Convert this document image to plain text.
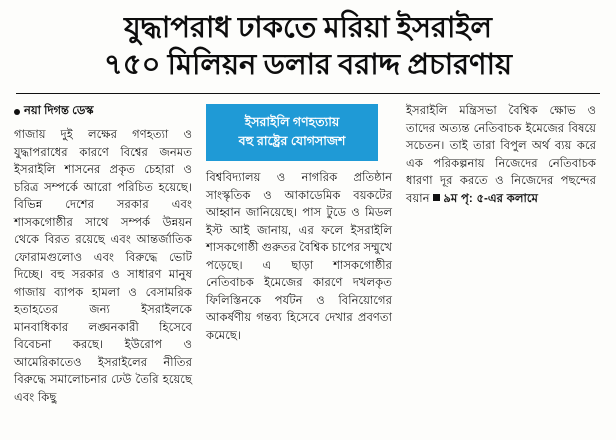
যুদ্ধাপরাধ ঢাকতে মরিয়া ইসরাইল
৭৫০ মিলিয়ন ডলার বরাদ্দ প্রচারণায়
নয়া দিগন্ত ডেস্ক
গাজায় দুই লক্ষের গণহত্যা ও যুদ্ধাপরাধের কারণে বিশ্বের জনমত ইসরাইলি শাসনের প্রকৃত চেহারা ও চরিত্র সম্পর্কে আরো পরিচিত হয়েছে। বিভিন্ন দেশের সরকার এবং শাসকগোষ্ঠীর সাথে সম্পর্ক উন্নয়ন থেকে বিরত রয়েছে এবং আন্তর্জাতিক ফোরামগুলোও এবং বিরুদ্ধে ভোট দিচ্ছে। বহু সরকার ও সাধারণ মানুষ গাজায় ব্যাপক হামলা ও বেসামরিক হতাহতের জন্য ইসরাইলকে মানবাধিকার লঙ্ঘনকারী হিসেবে বিবেচনা করছে। ইউরোপ ও আমেরিকাতেও ইসরাইলের নীতির বিরুদ্ধে সমালোচনার ঢেউ তৈরি হয়েছে এবং কিছু
ইসরাইলি গণহত্যায়
বহু রাষ্ট্রের যোগসাজশ
বিশ্ববিদ্যালয় ও নাগরিক প্রতিষ্ঠান সাংস্কৃতিক ও আকাডেমিক বয়কটের আহ্বান জানিয়েছে। পাস টুডে ও মিডল ইস্ট আই জানায়, এর ফলে ইসরাইলি শাসকগোষ্ঠী গুরুতর বৈশ্বিক চাপের সম্মুখে পড়েছে। এ ছাড়া শাসকগোষ্ঠীর নেতিবাচক ইমেজের কারণে দখলকৃত ফিলিস্তিনকে পর্যটন ও বিনিয়োগের আকর্ষণীয় গন্তব্য হিসেবে দেখার প্রবণতা কমেছে।
ইসরাইলি মন্ত্রিসভা বৈশ্বিক ক্ষোভ ও তাদের অত্যন্ত নেতিবাচক ইমেজের বিষয়ে সচেতন। তাই তারা বিপুল অর্থ ব্যয় করে এক পরিকল্পনায় নিজেদের নেতিবাচক ধারণা দূর করতে ও নিজেদের পছন্দের বয়ান ৯ম পৃ: ৫-এর কলামে
